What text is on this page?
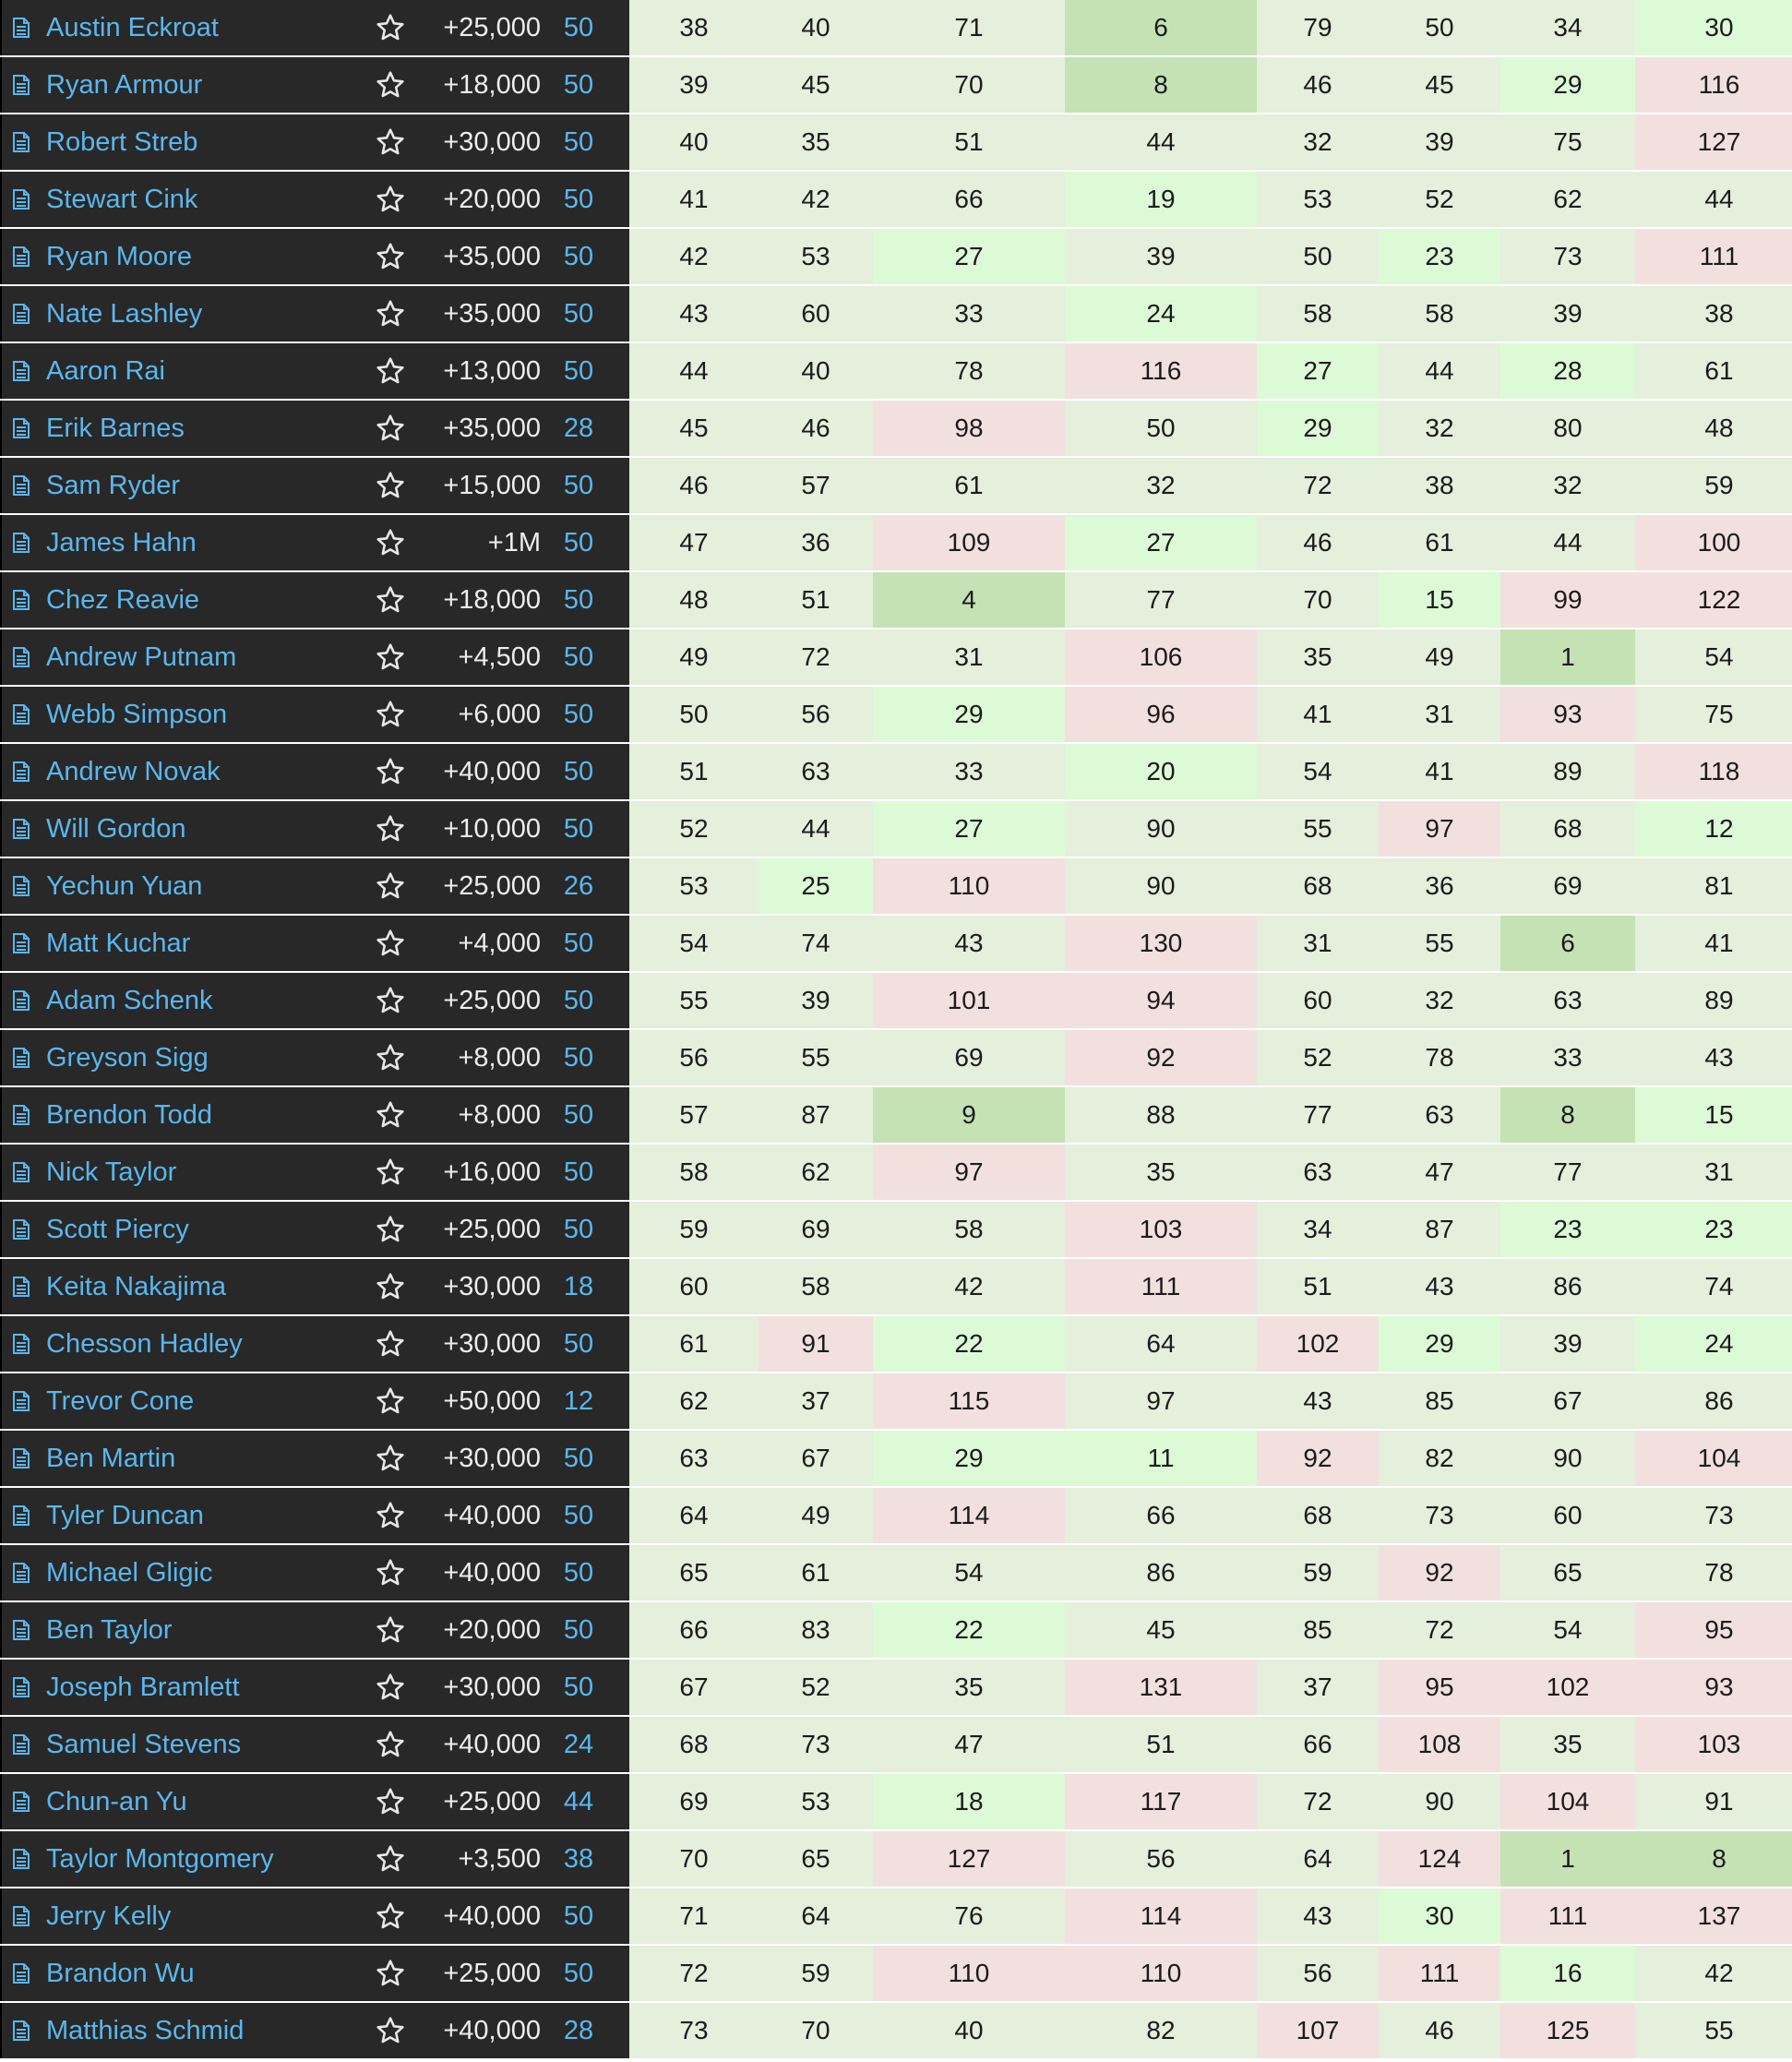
Austin Eckroat	+25,000 50	38	40	71	6	79	50	34	30
Ryan Armour	+18,000 50	39	45	70	8	46	45	29	116
Robert Streb	+30,000 50	40	35	51	44	32	39	75	127
Stewart Cink	+20,000 50	41	42	66	19	53	52	62	44
Ryan Moore	+35,000 50	42	53	27	39	50	23	73	111
Nate Lashley	+35,000 50	43	60	33	24	58	58	39	38
Aaron Rai	+13,000 50	44	40	78	116	27	44	28	61
Erik Barnes	+35,000 28	45	46	98	50	29	32	80	48
Sam Ryder	+15,000 50	46	57	61	32	72	38	32	59
James Hahn	+1M 50	47	36	109	27	46	61	44	100
Chez Reavie	+18,000 50	48	51	4	77	70	15	99	122
Andrew Putnam	+4,500 50	49	72	31	106	35	49	1	54
Webb Simpson	+6,000 50	50	56	29	96	41	31	93	75
Andrew Novak	+40,000 50	51	63	33	20	54	41	89	118
Will Gordon	+10,000 50	52	44	27	90	55	97	68	12
Yechun Yuan	+25,000 26	53	25	110	90	68	36	69	81
Matt Kuchar	+4,000 50	54	74	43	130	31	55	6	41
Adam Schenk	+25,000 50	55	39	101	94	60	32	63	89
Greyson Sigg	+8,000 50	56	55	69	92	52	78	33	43
Brendon Todd	+8,000 50	57	87	9	88	77	63	8	15
Nick Taylor	+16,000 50	58	62	97	35	63	47	77	31
Scott Piercy	+25,000 50	59	69	58	103	34	87	23	23
Keita Nakajima	+30,000 18	60	58	42	111	51	43	86	74
Chesson Hadley	+30,000 50	61	91	22	64	102	29	39	24
Trevor Cone	+50,000 12	62	37	115	97	43	85	67	86
Ben Martin	+30,000 50	63	67	29	11	92	82	90	104
Tyler Duncan	+40,000 50	64	49	114	66	68	73	60	73
Michael Gligic	+40,000 50	65	61	54	86	59	92	65	78
Ben Taylor	+20,000 50	66	83	22	45	85	72	54	95
Joseph Bramlett	+30,000 50	67	52	35	131	37	95	102	93
Samuel Stevens	+40,000 24	68	73	47	51	66	108	35	103
Chun-an Yu	+25,000 44	69	53	18	117	72	90	104	91
Taylor Montgomery	+3,500 38	70	65	127	56	64	124	1	8
Jerry Kelly	+40,000 50	71	64	76	114	43	30	111	137
Brandon Wu	+25,000 50	72	59	110	110	56	111	16	42
Matthias Schmid	+40,000 28	73	70	40	82	107	46	125	55
